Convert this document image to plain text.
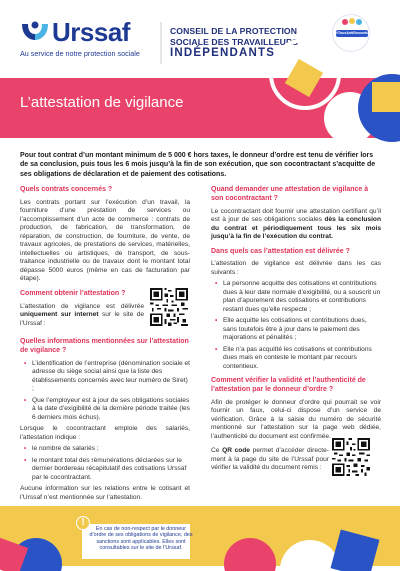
Urssaf
Au service de notre protection sociale
CONSEIL DE LA PROTECTION
SOCIALE DES TRAVAILLEURS
INDÉPENDANTS
#TousAntiBossedures
L’attestation de vigilance
Pour tout contrat d’un montant minimum de 5 000 € hors taxes, le donneur d’ordre est tenu de vérifier lors de sa conclusion, puis tous les 6 mois jusqu’à la fin de son exécution, que son cocontractant s’acquitte de ses obligations de déclaration et de paiement des cotisations.
Quels contrats concernés ?
Les contrats portant sur l’exécution d’un travail, la fourniture d’une prestation de services ou l’accomplissement d’un acte de commerce : contrats de production, de fabrication, de transformation, de réparation, de construction, de fourniture, de vente, de travaux agricoles, de prestations de services, matérielles, intellectuelles ou artistiques, de transport, de sous-traitance industrielle ou de travaux dont le montant total dépasse 5000 euros (même en cas de facturation par étape).
Comment obtenir l’attestation ?
L’attestation de vigilance est délivrée uniquement sur internet sur le site de l’Urssaf :
Quelles informations mentionnées sur l’attestation de vigilance ?
• L’identification de l’entreprise (dénomination sociale et adresse du siège social ainsi que la liste des établissements concernés avec leur numéro de Siret) ;
• Que l’employeur est à jour de ses obligations sociales à la date d’exigibilité de la dernière période traitée (les 6 derniers mois échus).
Lorsque le cocontractant emploie des salariés, l’attestation indique :
• le nombre de salariés ;
• le montant total des rémunérations déclarées sur le dernier bordereau récapitulatif des cotisations Urssaf par le cocontractant.
Aucune information sur les relations entre le cotisant et l’Urssaf n’est mentionnée sur l’attestation.
Quand demander une attestation de vigilance à son cocontractant ?
Le cocontractant doit fournir une attestation certifiant qu’il est à jour de ses obligations sociales dès la conclusion du contrat et périodiquement tous les six mois jusqu’à la fin de l’exécution du contrat.
Dans quels cas l’attestation est délivrée ?
L’attestation de vigilance est délivrée dans les cas suivants :
• La personne acquitte des cotisations et contributions dues à leur date normale d’exigibilité, ou a souscrit un plan d’apurement des cotisations et contributions restant dues qu’elle respecte ;
• Elle acquitte les cotisations et contributions dues, sans toutefois être à jour dans le paiement des majorations et pénalités ;
• Elle n’a pas acquitté les cotisations et contributions dues mais en conteste le montant par recours contentieux.
Comment vérifier la validité et l’authenticité de l’attestation par le donneur d’ordre ?
Afin de protéger le donneur d’ordre qui pourrait se voir fournir un faux, celui-ci dispose d’un service de vérification. Grâce à la saisie du numéro de sécurité mentionné sur l’attestation sur la page web dédiée, l’authenticité du document est confirmée.
Ce QR code permet d’accéder directe-ment à la page du site de l’Urssaf pour vérifier la validité du document remis :
!
En cas de non-respect par le donneur d’ordre de ses obligations de vigilance, des sanctions sont applicables. Elles sont consultables sur le site de l’Urssaf.
